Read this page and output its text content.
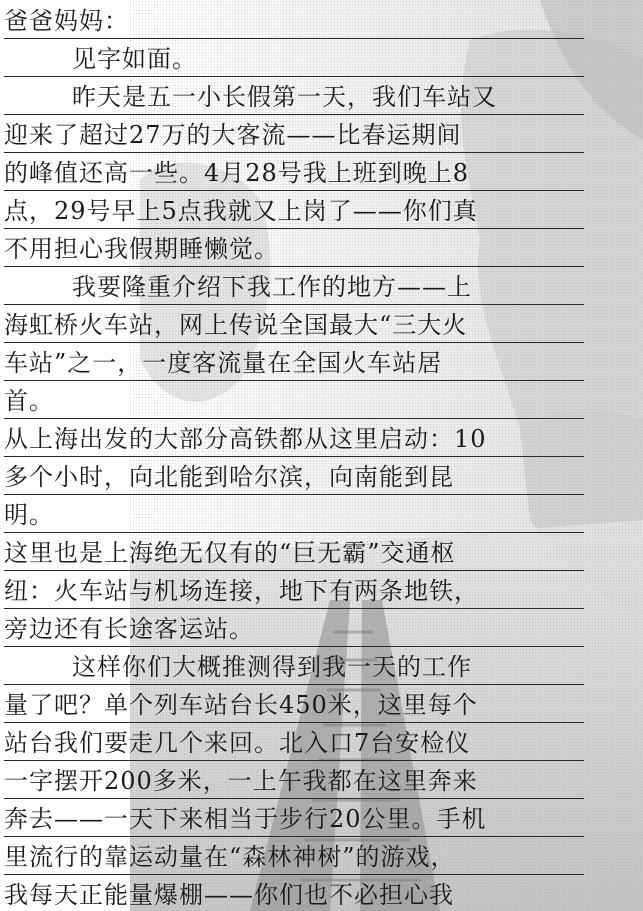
爸爸妈妈：
见字如面。
昨天是五一小长假第一天，我们车站又
迎来了超过27万的大客流——比春运期间
的峰值还高一些。4月28号我上班到晚上8
点，29号早上5点我就又上岗了——你们真
不用担心我假期睡懒觉。
我要隆重介绍下我工作的地方——上
海虹桥火车站，网上传说全国最大“三大火
车站”之一，一度客流量在全国火车站居
首。
从上海出发的大部分高铁都从这里启动：10
多个小时，向北能到哈尔滨，向南能到昆
明。
这里也是上海绝无仅有的“巨无霸”交通枢
纽：火车站与机场连接，地下有两条地铁，
旁边还有长途客运站。
这样你们大概推测得到我一天的工作
量了吧？单个列车站台长450米，这里每个
站台我们要走几个来回。北入口7台安检仪
一字摆开200多米，一上午我都在这里奔来
奔去——一天下来相当于步行20公里。手机
里流行的靠运动量在“森林神树”的游戏，
我每天正能量爆棚——你们也不必担心我
